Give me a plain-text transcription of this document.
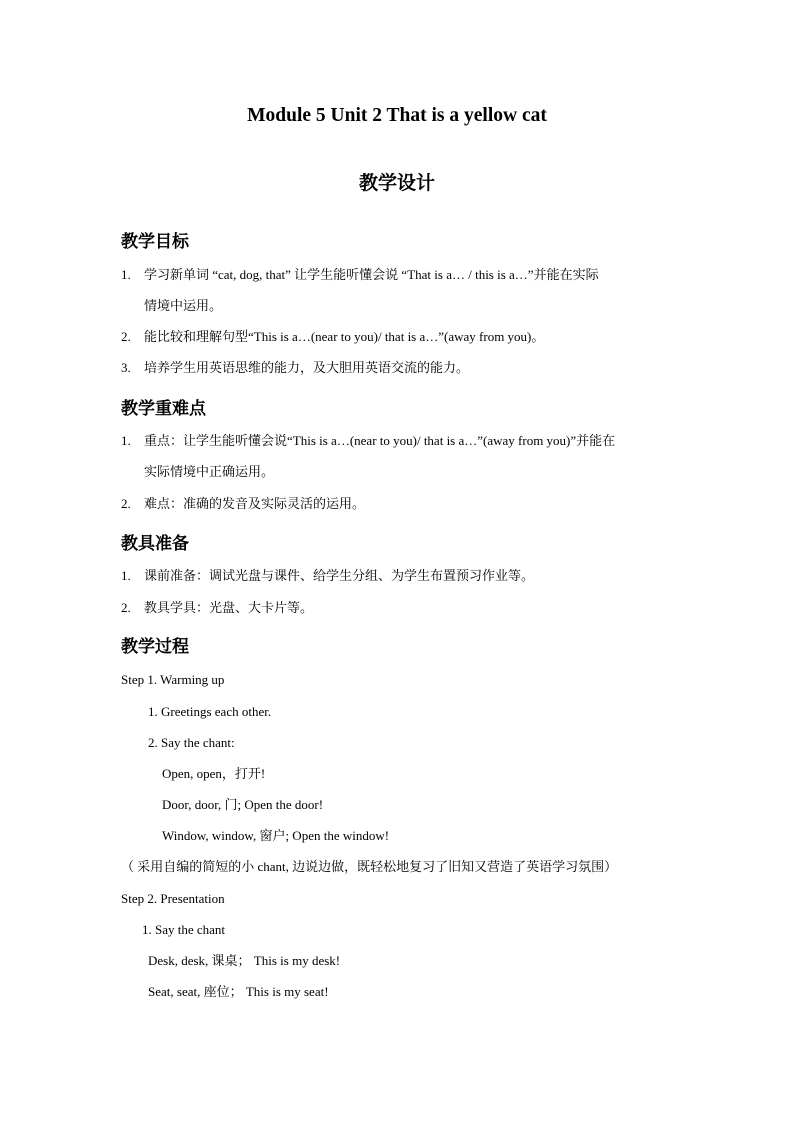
Module 5 Unit 2 That is a yellow cat
教学设计
教学目标
1. 学习新单词 “cat, dog, that” 让学生能听懂会说 “That is a… / this is a…”并能在实际
情境中运用。
2. 能比较和理解句型“This is a…(near to you)/ that is a…”(away from you)。
3. 培养学生用英语思维的能力，及大胆用英语交流的能力。
教学重难点
1. 重点：让学生能听懂会说“This is a…(near to you)/ that is a…”(away from you)”并能在
实际情境中正确运用。
2. 难点：准确的发音及实际灵活的运用。
教具准备
1. 课前准备：调试光盘与课件、给学生分组、为学生布置预习作业等。
2. 教具学具：光盘、大卡片等。
教学过程
Step 1. Warming up
1. Greetings each other.
2. Say the chant:
Open, open，打开!
Door, door, 门; Open the door!
Window, window, 窗户; Open the window!
（ 采用自编的简短的小 chant, 边说边做，既轻松地复习了旧知又营造了英语学习氛围）
Step 2. Presentation
1. Say the chant
Desk, desk, 课桌； This is my desk!
Seat, seat, 座位； This is my seat!
